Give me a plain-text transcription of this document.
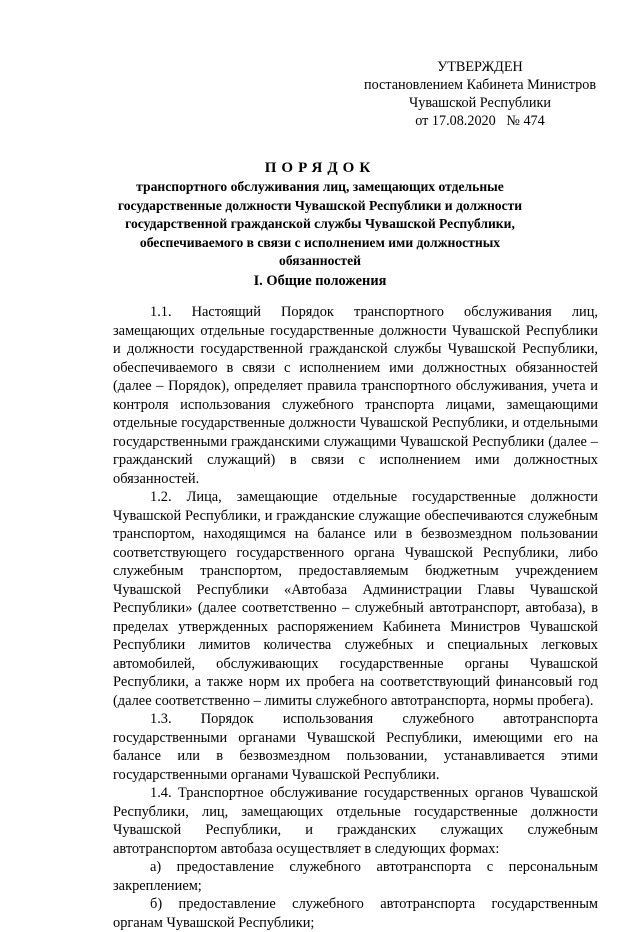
УТВЕРЖДЕН
постановлением Кабинета Министров
Чувашской Республики
от 17.08.2020   № 474
ПОРЯДОК
транспортного обслуживания лиц, замещающих отдельные государственные должности Чувашской Республики и должности государственной гражданской службы Чувашской Республики, обеспечиваемого в связи с исполнением ими должностных обязанностей
I. Общие положения

1.1. Настоящий Порядок транспортного обслуживания лиц, замещающих отдельные государственные должности Чувашской Республики и должности государственной гражданской службы Чувашской Республики, обеспечиваемого в связи с исполнением ими должностных обязанностей (далее – Порядок), определяет правила транспортного обслуживания, учета и контроля использования служебного транспорта лицами, замещающими отдельные государственные должности Чувашской Республики, и отдельными государственными гражданскими служащими Чувашской Республики (далее – гражданский служащий) в связи с исполнением ими должностных обязанностей.

1.2. Лица, замещающие отдельные государственные должности Чувашской Республики, и гражданские служащие обеспечиваются служебным транспортом, находящимся на балансе или в безвозмездном пользовании соответствующего государственного органа Чувашской Республики, либо служебным транспортом, предоставляемым бюджетным учреждением Чувашской Республики «Автобаза Администрации Главы Чувашской Республики» (далее соответственно – служебный автотранспорт, автобаза), в пределах утвержденных распоряжением Кабинета Министров Чувашской Республики лимитов количества служебных и специальных легковых автомобилей, обслуживающих государственные органы Чувашской Республики, а также норм их пробега на соответствующий финансовый год (далее соответственно – лимиты служебного автотранспорта, нормы пробега).

1.3. Порядок использования служебного автотранспорта государственными органами Чувашской Республики, имеющими его на балансе или в безвозмездном пользовании, устанавливается этими государственными органами Чувашской Республики.

1.4. Транспортное обслуживание государственных органов Чувашской Республики, лиц, замещающих отдельные государственные должности Чувашской Республики, и гражданских служащих служебным автотранспортом автобаза осуществляет в следующих формах:

а) предоставление служебного автотранспорта с персональным закреплением;

б) предоставление служебного автотранспорта государственным органам Чувашской Республики;
